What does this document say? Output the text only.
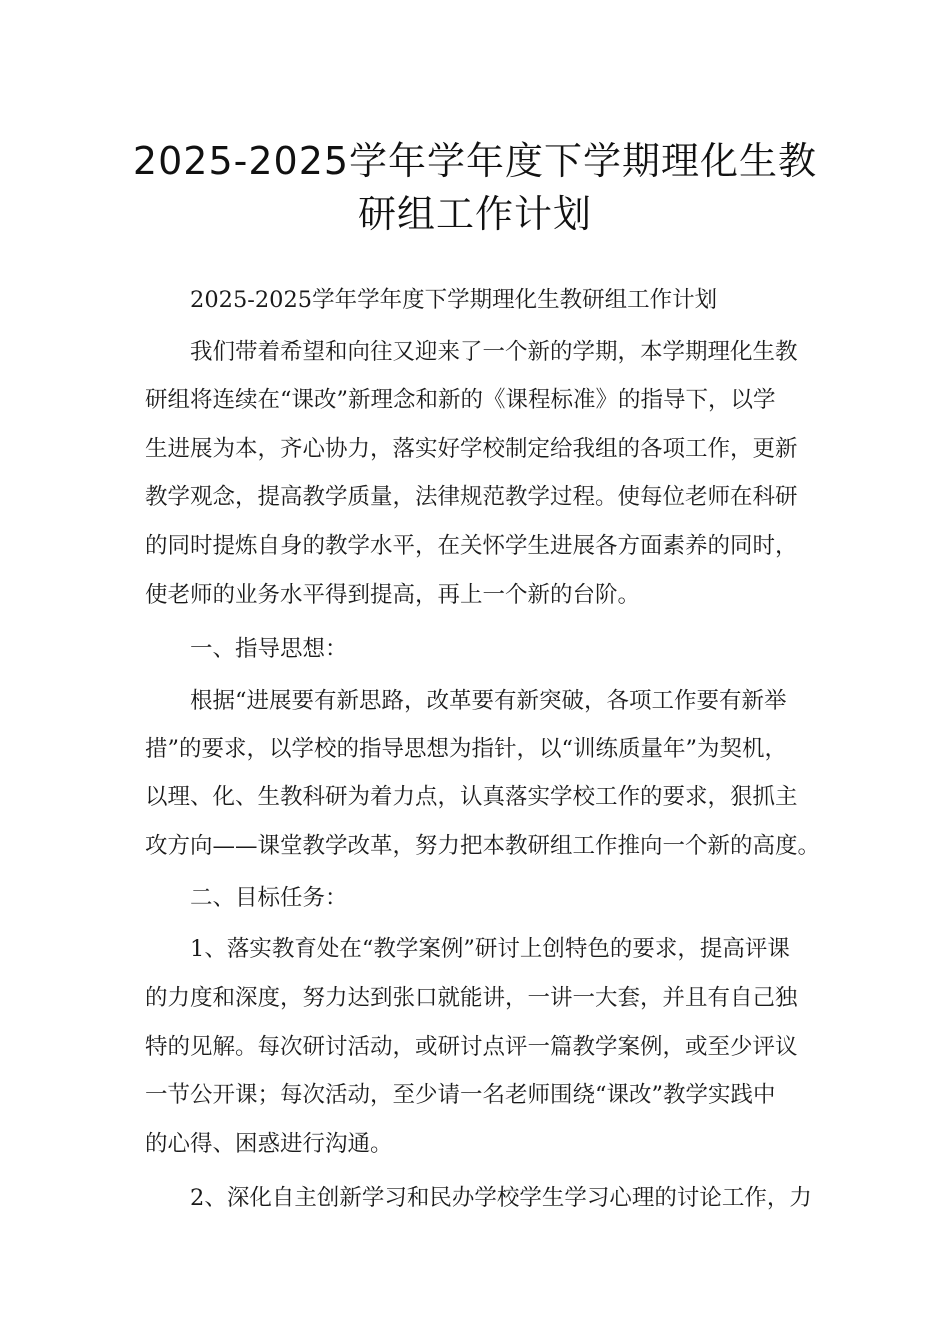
2025-2025学年学年度下学期理化生教
研组工作计划
2025-2025学年学年度下学期理化生教研组工作计划
我们带着希望和向往又迎来了一个新的学期，本学期理化生教
研组将连续在“课改”新理念和新的《课程标准》的指导下，以学
生进展为本，齐心协力，落实好学校制定给我组的各项工作，更新
教学观念，提高教学质量，法律规范教学过程。使每位老师在科研
的同时提炼自身的教学水平，在关怀学生进展各方面素养的同时，
使老师的业务水平得到提高，再上一个新的台阶。
一、指导思想：
根据“进展要有新思路，改革要有新突破，各项工作要有新举
措”的要求，以学校的指导思想为指针，以“训练质量年”为契机，
以理、化、生教科研为着力点，认真落实学校工作的要求，狠抓主
攻方向——课堂教学改革，努力把本教研组工作推向一个新的高度。
二、目标任务：
1、落实教育处在“教学案例”研讨上创特色的要求，提高评课
的力度和深度，努力达到张口就能讲，一讲一大套，并且有自己独
特的见解。每次研讨活动，或研讨点评一篇教学案例，或至少评议
一节公开课；每次活动，至少请一名老师围绕“课改”教学实践中
的心得、困惑进行沟通。
2、深化自主创新学习和民办学校学生学习心理的讨论工作，力
